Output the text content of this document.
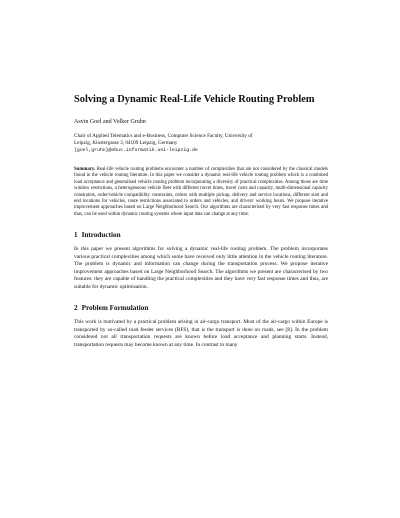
Solving a Dynamic Real-Life Vehicle Routing Problem
Asvin Goel and Volker Gruhn
Chair of Applied Telematics and e-Business, Computer Science Faculty, University of
Leipzig, Klostergasse 3, 04109 Leipzig, Germany
{goel,gruhn}@ebus.informatik.uni-leipzig.de
Summary. Real-life vehicle routing problems encounter a number of complexities that are not considered by the classical models found in the vehicle routing literature. In this paper we consider a dynamic real-life vehicle routing problem which is a combined load acceptance and generalised vehicle routing problem incorporating a diversity of practical complexities. Among those are time window restrictions, a heterogeneous vehicle fleet with different travel times, travel costs and capacity, multi-dimensional capacity constraints, order/vehicle compatibility constraints, orders with multiple pickup, delivery and service locations, different start and end locations for vehicles, route restrictions associated to orders and vehicles, and drivers' working hours. We propose iterative improvement approaches based on Large Neighborhood Search. Our algorithms are characterised by very fast response times and thus, can be used within dynamic routing systems where input data can change at any time.
1 Introduction
In this paper we present algorithms for solving a dynamic real-life routing problem. The problem incorporates various practical complexities among which some have received only little attention in the vehicle routing literature. The problem is dynamic and information can change during the transportation process. We propose iterative improvement approaches based on Large Neighborhood Search. The algorithms we present are characterised by two features: they are capable of handling the practical complexities and they have very fast response times and thus, are suitable for dynamic optimisation.
2 Problem Formulation
This work is motivated by a practical problem arising in air-cargo transport. Most of the air-cargo within Europe is transported by so-called road feeder services (RFS), that is the transport is done on roads, see [8]. In the problem considered not all transportation requests are known before load acceptance and planning starts. Instead, transportation requests may become known at any time. In contrast to many
